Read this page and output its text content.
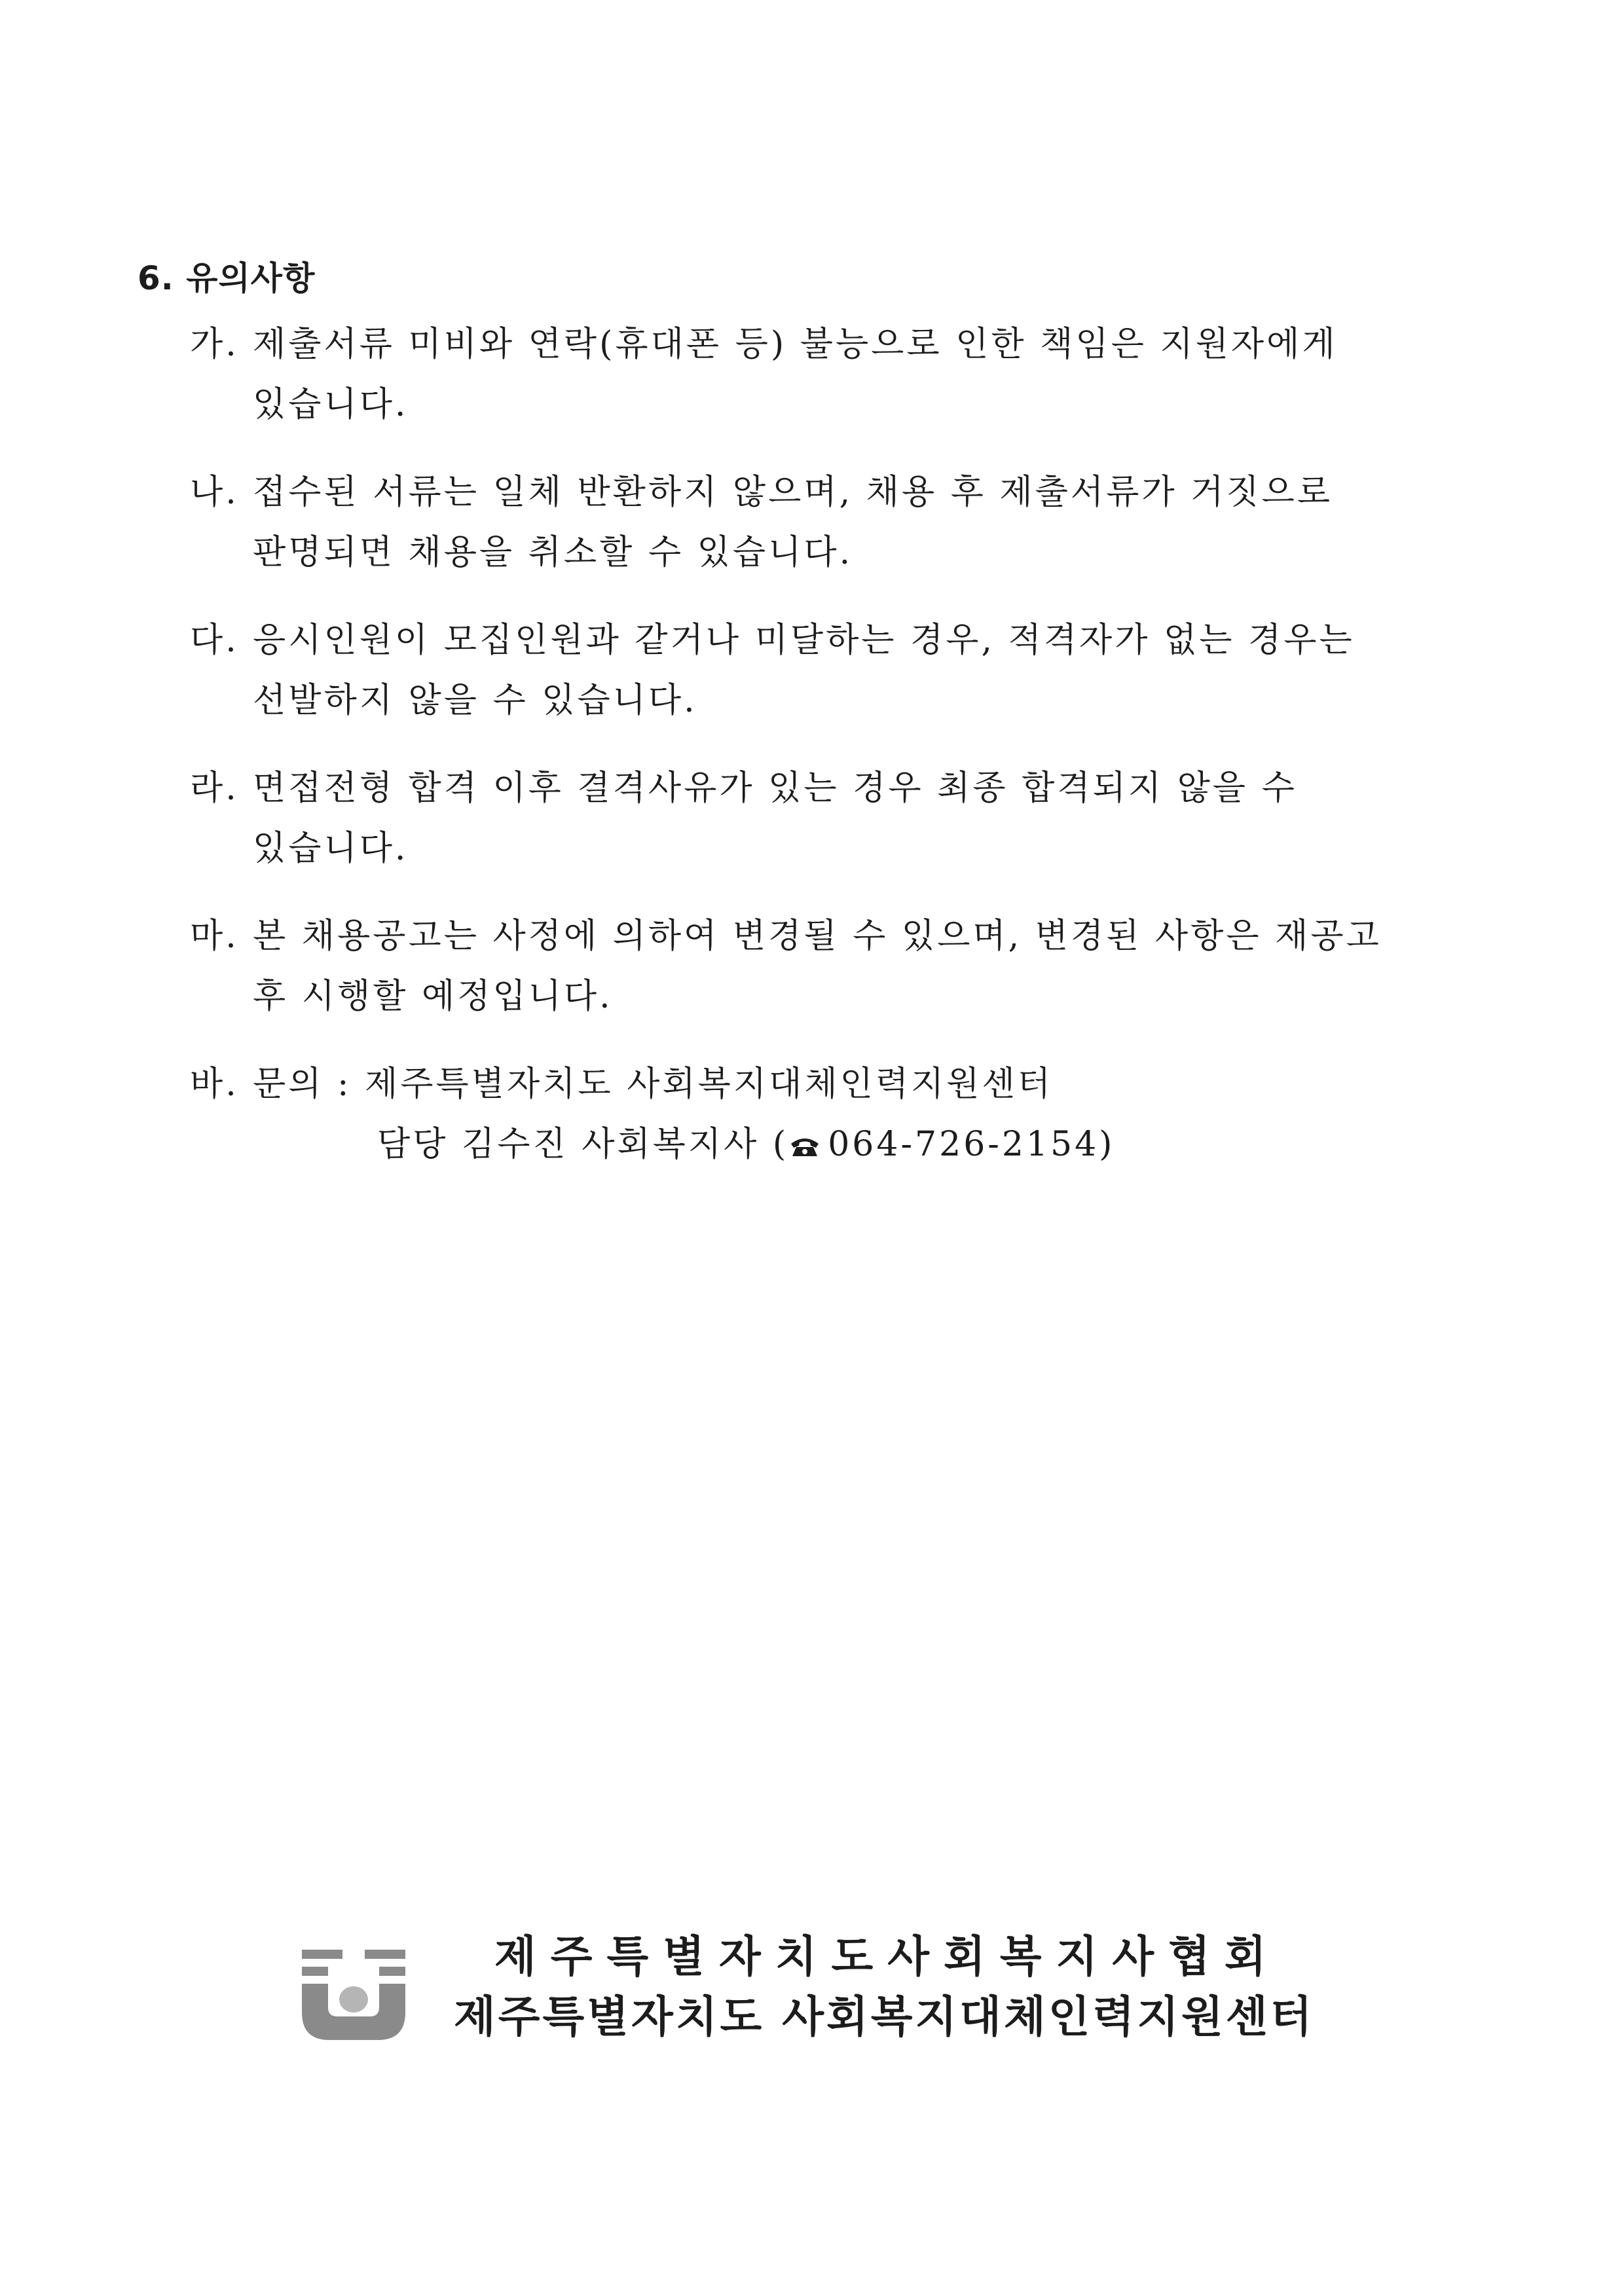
6. 유의사항
가. 제출서류 미비와 연락(휴대폰 등) 불능으로 인한 책임은 지원자에게
있습니다.
나. 접수된 서류는 일체 반환하지 않으며, 채용 후 제출서류가 거짓으로
판명되면 채용을 취소할 수 있습니다.
다. 응시인원이 모집인원과 같거나 미달하는 경우, 적격자가 없는 경우는
선발하지 않을 수 있습니다.
라. 면접전형 합격 이후 결격사유가 있는 경우 최종 합격되지 않을 수
있습니다.
마. 본 채용공고는 사정에 의하여 변경될 수 있으며, 변경된 사항은 재공고
후 시행할 예정입니다.
바. 문의 : 제주특별자치도 사회복지대체인력지원센터
담당 김수진 사회복지사 ( 064-726-2154)
제주특별자치도사회복지사협회
제주특별자치도 사회복지대체인력지원센터
